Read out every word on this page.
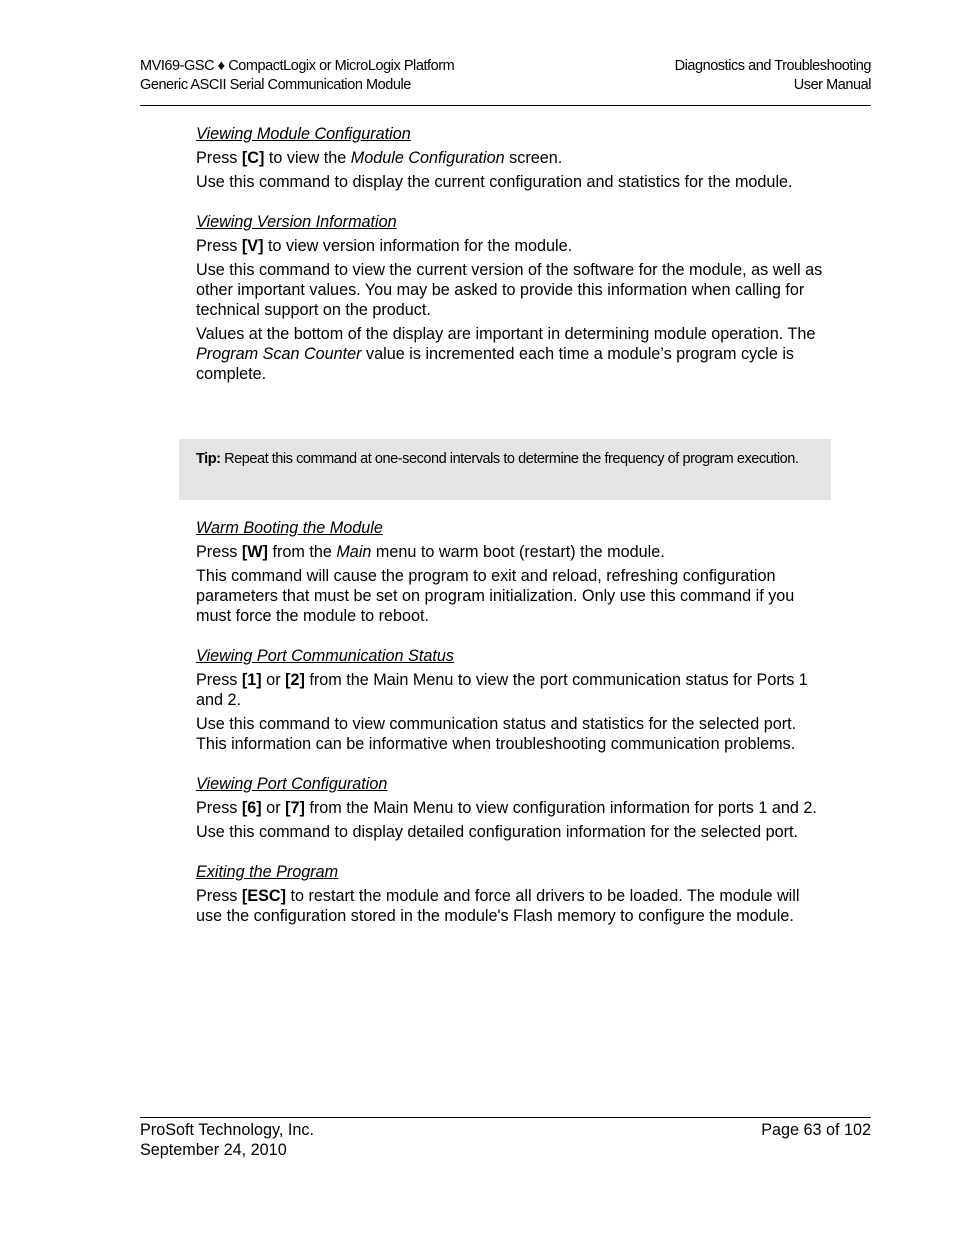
MVI69-GSC ♦ CompactLogix or MicroLogix Platform
Generic ASCII Serial Communication Module
Diagnostics and Troubleshooting
User Manual
Viewing Module Configuration

Press [C] to view the Module Configuration screen.

Use this command to display the current configuration and statistics for the module.

Viewing Version Information

Press [V] to view version information for the module.

Use this command to view the current version of the software for the module, as well as other important values. You may be asked to provide this information when calling for technical support on the product.

Values at the bottom of the display are important in determining module operation. The Program Scan Counter value is incremented each time a module’s program cycle is complete.

Tip: Repeat this command at one-second intervals to determine the frequency of program execution.
Warm Booting the Module

Press [W] from the Main menu to warm boot (restart) the module.

This command will cause the program to exit and reload, refreshing configuration parameters that must be set on program initialization. Only use this command if you must force the module to reboot.

Viewing Port Communication Status

Press [1] or [2] from the Main Menu to view the port communication status for Ports 1 and 2.

Use this command to view communication status and statistics for the selected port. This information can be informative when troubleshooting communication problems.

Viewing Port Configuration

Press [6] or [7] from the Main Menu to view configuration information for ports 1 and 2.

Use this command to display detailed configuration information for the selected port.

Exiting the Program

Press [ESC] to restart the module and force all drivers to be loaded. The module will use the configuration stored in the module's Flash memory to configure the module.

ProSoft Technology, Inc.
September 24, 2010
Page 63 of 102
